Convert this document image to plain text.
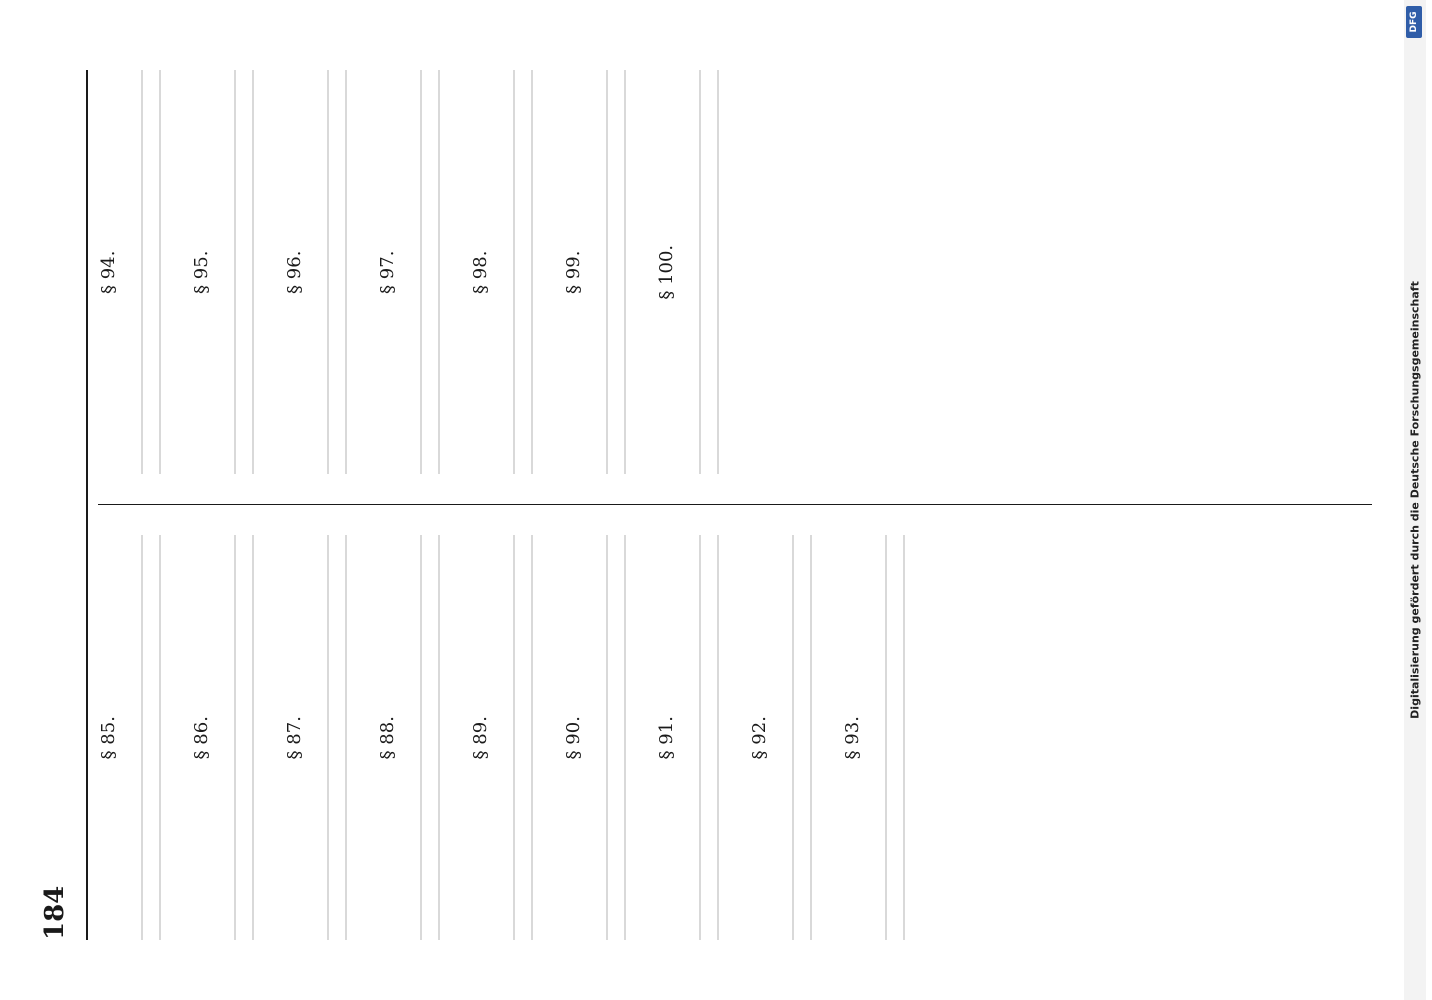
184
§ 85.	§ 86.	§ 87.	§ 88.	§ 89.	§ 90.	§ 91.	§ 92.	§ 93.
§ 94.	§ 95.	§ 96.	§ 97.	§ 98.	§ 99.	§ 100.
DFG
Digitalisierung gefördert durch die Deutsche Forschungsgemeinschaft
